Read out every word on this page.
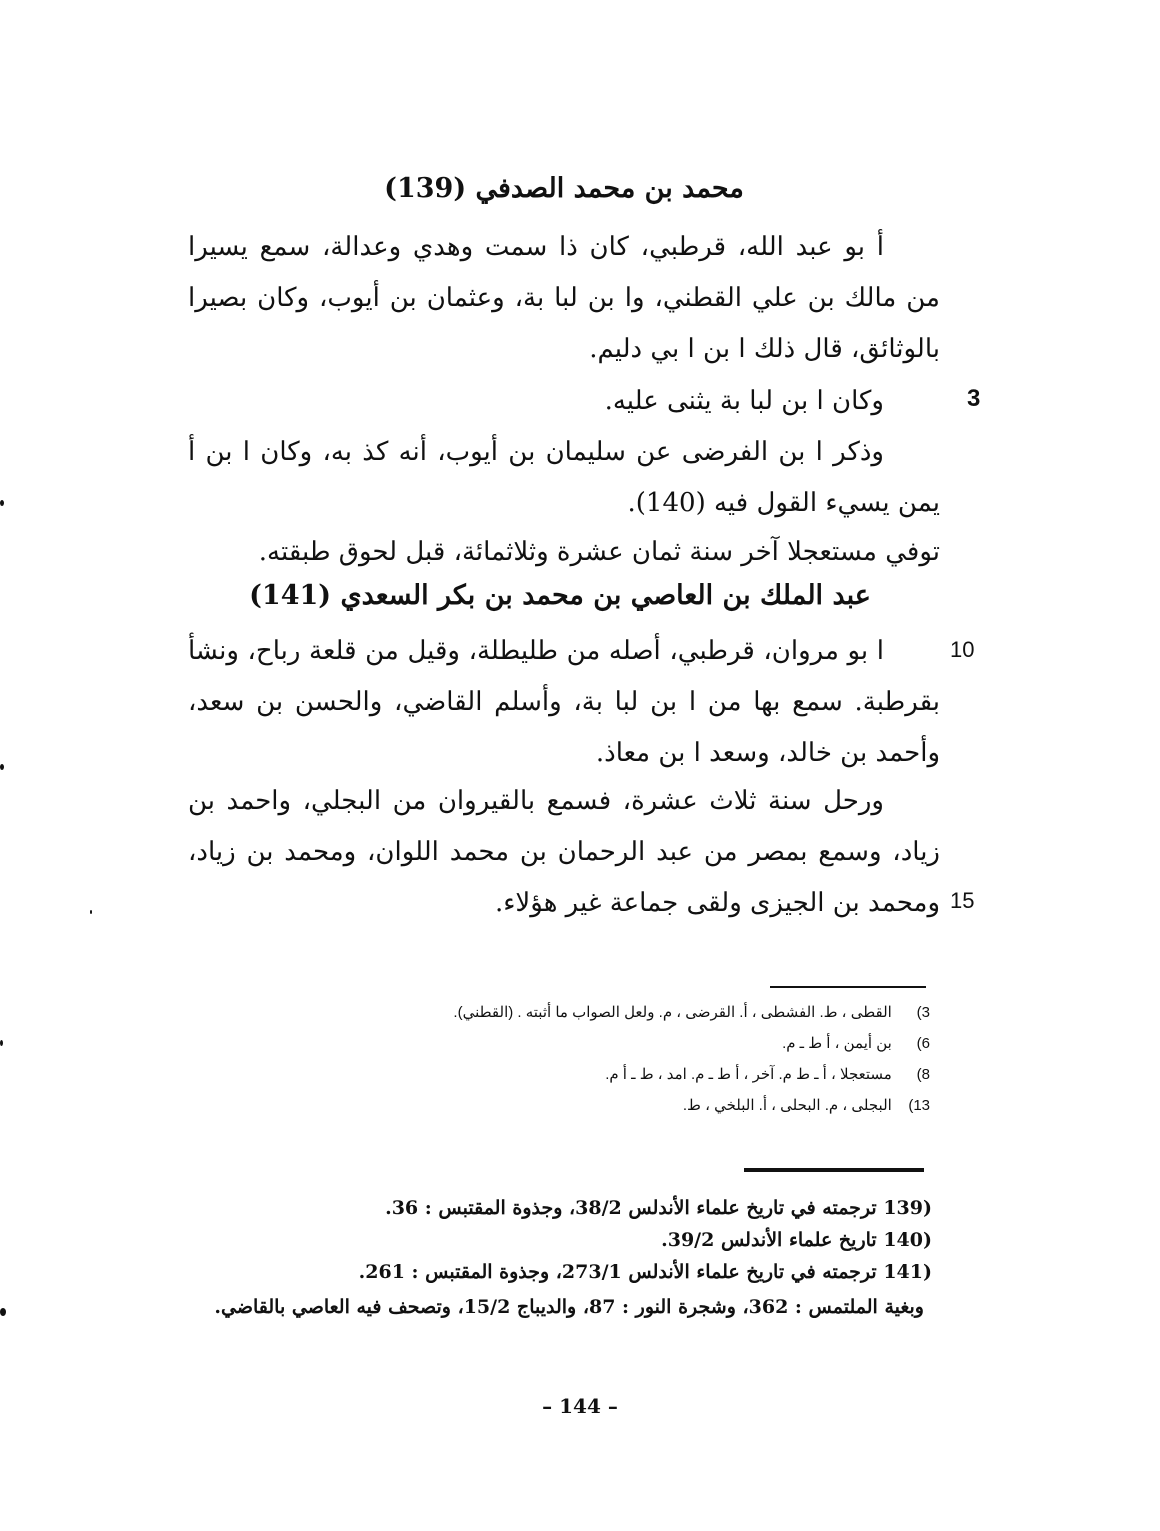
محمد بن محمد الصدفي (139)
أ بو عبد الله، قرطبي، كان ذا سمت وهدي وعدالة، سمع يسيرا من مالك بن علي القطني، وا بن لبا بة، وعثمان بن أيوب، وكان بصيرا بالوثائق، قال ذلك ا بن ا بي دليم.
3
وكان ا بن لبا بة يثنى عليه.
وذكر ا بن الفرضى عن سليمان بن أيوب، أنه كذ به، وكان ا بن أ يمن يسيء القول فيه (140).
توفي مستعجلا آخر سنة ثمان عشرة وثلاثمائة، قبل لحوق طبقته.
عبد الملك بن العاصي بن محمد بن بكر السعدي (141)
10
ا بو مروان، قرطبي، أصله من طليطلة، وقيل من قلعة رباح، ونشأ بقرطبة. سمع بها من ا بن لبا بة، وأسلم القاضي، والحسن بن سعد، وأحمد بن خالد، وسعد ا بن معاذ.
ورحل سنة ثلاث عشرة، فسمع بالقيروان من البجلي، واحمد بن زياد، وسمع بمصر من عبد الرحمان بن محمد اللوان، ومحمد بن زياد، ومحمد بن الجيزى ولقى جماعة غير هؤلاء. 15
3) القطى ، ط. الفشطى ، أ. القرضى ، م. ولعل الصواب ما أثبته . (القطني).
6) بن أيمن ، أ ط ـ م.
8) مستعجلا ، أ ـ ط م. آخر ، أ ط ـ م. امد ، ط ـ أ م.
13) البجلى ، م. البحلى ، أ. البلخي ، ط.
(139 ترجمته في تاريخ علماء الأندلس 38/2، وجذوة المقتبس : 36.
(140 تاريخ علماء الأندلس 39/2.
(141 ترجمته في تاريخ علماء الأندلس 273/1، وجذوة المقتبس : 261.
وبغية الملتمس : 362، وشجرة النور : 87، والديباج 15/2، وتصحف فيه العاصي بالقاضي.
– 144 –
